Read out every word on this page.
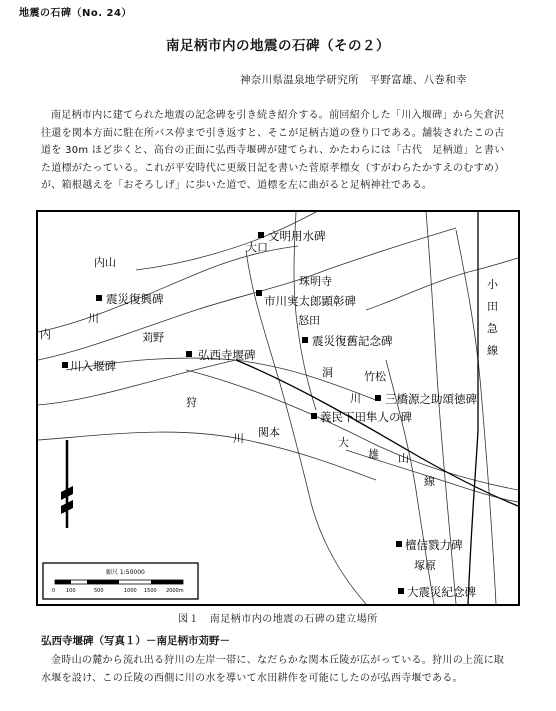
地震の石碑（No. 24）
南足柄市内の地震の石碑（その２）
神奈川県温泉地学研究所　平野富雄、八巻和幸
南足柄市内に建てられた地震の記念碑を引き続き紹介する。前回紹介した「川入堰碑」から矢倉沢
往還を関本方面に駐在所バス停まで引き返すと、そこが足柄古道の登り口である。舗装されたこの古
道を 30m ほど歩くと、高台の正面に弘西寺堰碑が建てられ、かたわらには「古代　足柄道」と書い
た道標がたっている。これが平安時代に更級日記を書いた菅原孝標女（すがわらたかすえのむすめ）
が、箱根越えを「おそろしげ」に歩いた道で、道標を左に曲がると足柄神社である。
大口
内山
珠明寺
内
川
苅野
怒田
洞	竹松
川
狩
川 関本
大
雄 山
線
小
田
急
線
塚原
文明用水碑
震災復興碑	市川実太郎顕彰碑
震災復舊記念碑
川入堰碑
弘西寺堰碑
三橋源之助頌徳碑
義民下田隼人の碑
檀信戮力碑
大震災紀念碑
縮尺 1:50000
0 100	500	1000 1500 2000m
図１　南足柄市内の地震の石碑の建立場所
弘西寺堰碑（写真１）－南足柄市苅野－
金時山の麓から流れ出る狩川の左岸一帯に、なだらかな関本丘陵が広がっている。狩川の上流に取
水堰を設け、この丘陵の西側に川の水を導いて水田耕作を可能にしたのが弘西寺堰である。
